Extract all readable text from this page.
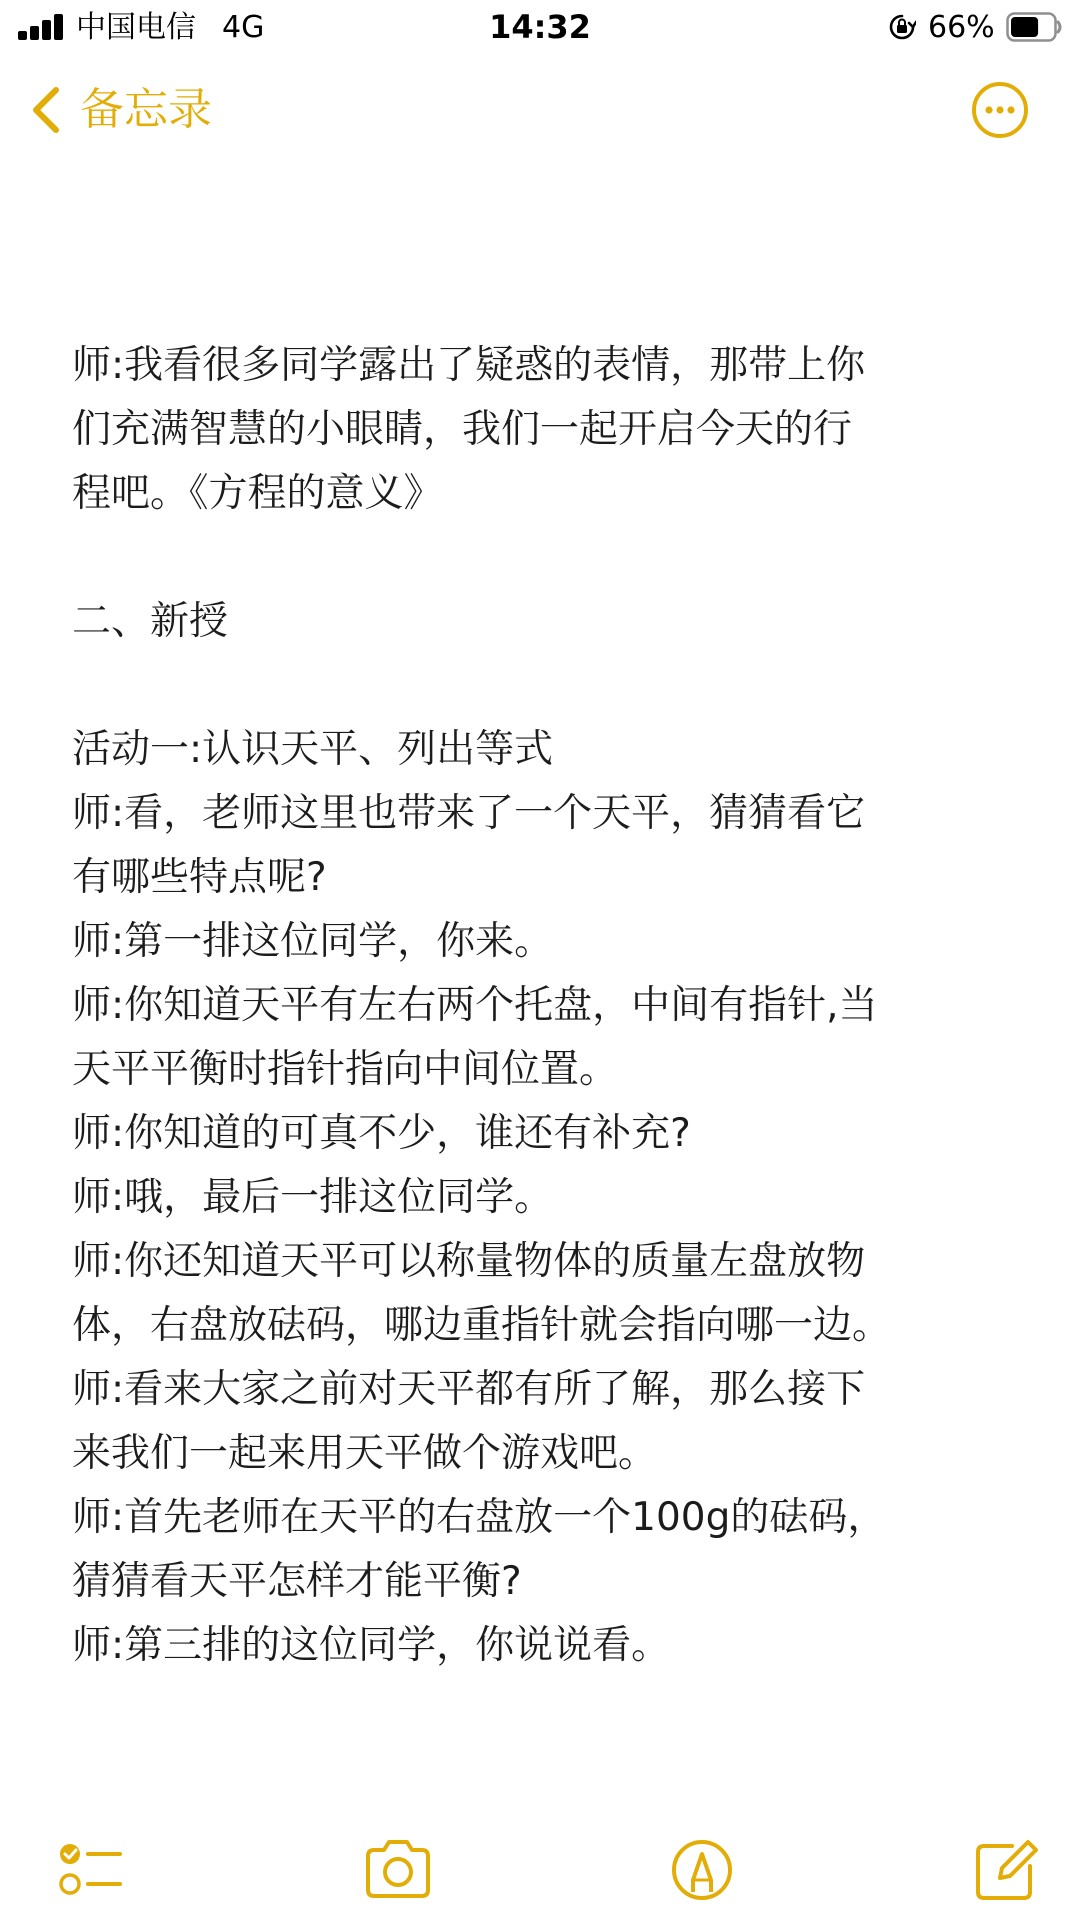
中国电信 4G	14:32	66%
备忘录
师:我看很多同学露出了疑惑的表情，那带上你
们充满智慧的小眼睛，我们一起开启今天的行
程吧。《方程的意义》
二、新授
活动一:认识天平、列出等式
师:看，老师这里也带来了一个天平，猜猜看它
有哪些特点呢?
师:第一排这位同学，你来。
师:你知道天平有左右两个托盘，中间有指针,当
天平平衡时指针指向中间位置。
师:你知道的可真不少，谁还有补充?
师:哦，最后一排这位同学。
师:你还知道天平可以称量物体的质量左盘放物
体，右盘放砝码，哪边重指针就会指向哪一边。
师:看来大家之前对天平都有所了解，那么接下
来我们一起来用天平做个游戏吧。
师:首先老师在天平的右盘放一个100g的砝码，
猜猜看天平怎样才能平衡?
师:第三排的这位同学，你说说看。
